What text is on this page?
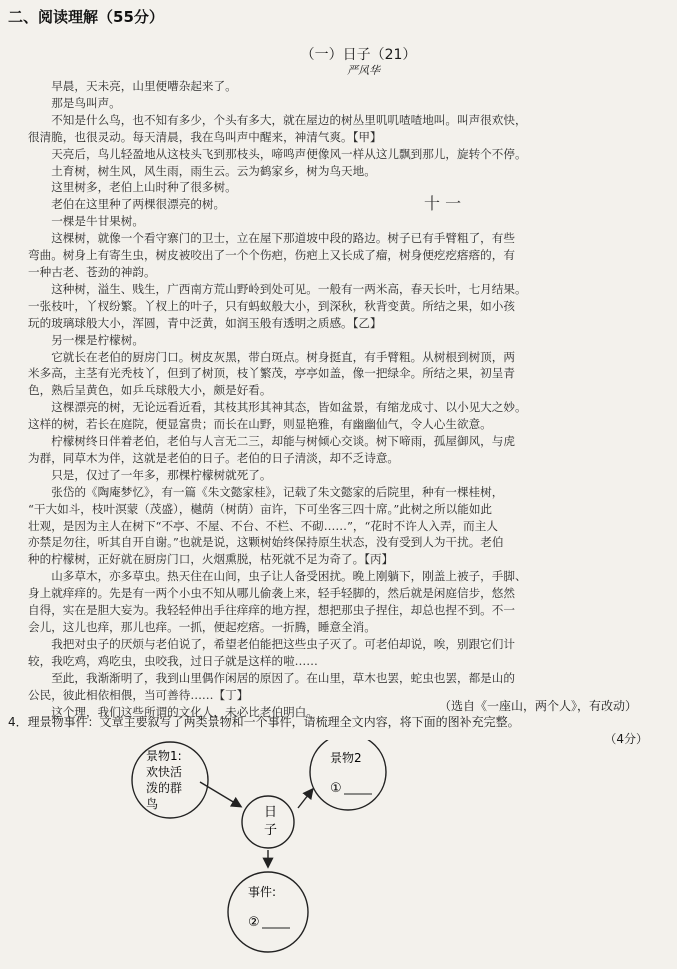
二、阅读理解（55分）
（一）日子（21）
严风华

早晨，天未亮，山里便嘈杂起来了。

那是鸟叫声。

不知是什么鸟，也不知有多少，个头有多大，就在屋边的树丛里叽叽喳喳地叫。叫声很欢快，

很清脆，也很灵动。每天清晨，我在鸟叫声中醒来，神清气爽。【甲】

天亮后，鸟儿轻盈地从这枝头飞到那枝头，啼鸣声便像风一样从这儿飘到那儿，旋转个不停。

土育树，树生风，风生雨，雨生云。云为鹤家乡，树为鸟天地。

这里树多，老伯上山时种了很多树。

老伯在这里种了两棵很漂亮的树。

一棵是牛甘果树。

这棵树，就像一个看守寨门的卫士，立在屋下那道坡中段的路边。树子已有手臂粗了，有些

弯曲。树身上有寄生虫，树皮被咬出了一个个伤疤，伤疤上又长成了瘤，树身便疙疙瘩瘩的，有

一种古老、苍劲的神韵。

这种树，溢生、贱生，广西南方荒山野岭到处可见。一般有一两米高，春天长叶，七月结果。

一张枝叶，丫杈纷繁。丫杈上的叶子，只有蚂蚁般大小，到深秋，秋背变黄。所结之果，如小孩

玩的玻璃球般大小，浑圆，青中泛黄，如润玉般有透明之质感。【乙】

另一棵是柠檬树。

它就长在老伯的厨房门口。树皮灰黑，带白斑点。树身挺直，有手臂粗。从树根到树顶，两

米多高，主茎有光秃枝丫，但到了树顶，枝丫繁茂，亭亭如盖，像一把绿伞。所结之果，初呈青

色，熟后呈黄色，如乒乓球般大小，颇是好看。

这棵漂亮的树，无论远看近看，其枝其形其神其态，皆如盆景，有缩龙成寸、以小见大之妙。

这样的树，若长在庭院，便显富贵；而长在山野，则显艳雅，有幽幽仙气，令人心生欲意。

柠檬树终日伴着老伯，老伯与人言无二三，却能与树倾心交谈。树下啼雨，孤屋御风，与虎

为群，同草木为伴，这就是老伯的日子。老伯的日子清淡，却不乏诗意。

只是，仅过了一年多，那棵柠檬树就死了。

张岱的《陶庵梦忆》，有一篇《朱文懿家桂》，记载了朱文懿家的后院里，种有一棵桂树，

“干大如斗，枝叶溟蒙（茂盛），樾荫（树荫）亩许，下可坐客三四十席。”此树之所以能如此

壮观，是因为主人在树下“不亭、不屋、不台、不栏、不砌……”，“花时不许人入弄，而主人

亦禁足勿往，听其自开自谢。”也就是说，这颗树始终保持原生状态，没有受到人为干扰。老伯

种的柠檬树，正好就在厨房门口，火烟熏脱，枯死就不足为奇了。【丙】

山多草木，亦多草虫。热天住在山间，虫子让人备受困扰。晚上刚躺下，刚盖上被子，手脚、

身上就痒痒的。先是有一两个小虫不知从哪儿偷袭上来，轻手轻脚的，然后就是闲庭信步，悠然

自得，实在是胆大妄为。我轻轻伸出手往痒痒的地方捏，想把那虫子捏住，却总也捏不到。不一

会儿，这儿也痒，那儿也痒。一抓，便起疙瘩。一折腾，睡意全消。

我把对虫子的厌烦与老伯说了，希望老伯能把这些虫子灭了。可老伯却说，唉，别跟它们计

较，我吃鸡，鸡吃虫，虫咬我，过日子就是这样的啦……

至此，我渐渐明了，我到山里偶作闲居的原因了。在山里，草木也罢，蛇虫也罢，都是山的

公民，彼此相依相偎，当可善待……【丁】

这个理，我们这些所谓的文化人，未必比老伯明白。

十 一
（选自《一座山，两个人》，有改动）
4．理景物事件：文章主要叙写了两类景物和一个事件，请梳理全文内容，将下面的图补充完整。
（4分）
景物1:
欢快活
泼的群
鸟
景物2
①
日
子
事件:
②
